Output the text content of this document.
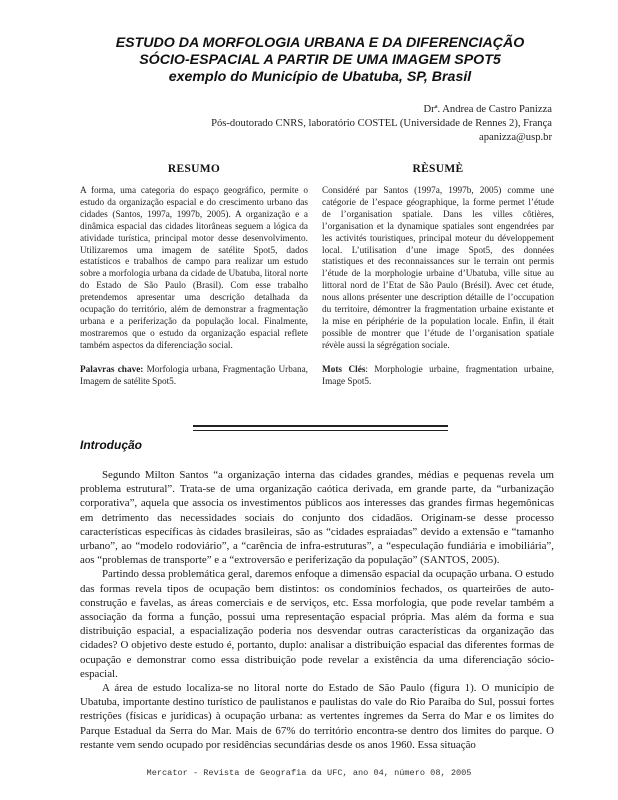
ESTUDO DA MORFOLOGIA URBANA E DA DIFERENCIAÇÃO
SÓCIO-ESPACIAL A PARTIR DE UMA IMAGEM SPOT5
exemplo do Município de Ubatuba, SP, Brasil
Drª. Andrea de Castro Panizza
Pós-doutorado CNRS, laboratório COSTEL (Universidade de Rennes 2), França
apanizza@usp.br
RESUMO	RÈSUMÈ

A forma, uma categoria do espaço geográfico, permite o estudo da organização espacial e do crescimento urbano das cidades (Santos, 1997a, 1997b, 2005). A organização e a dinâmica espacial das cidades litorâneas seguem a lógica da atividade turística, principal motor desse desenvolvimento. Utilizaremos uma imagem de satélite Spot5, dados estatísticos e trabalhos de campo para realizar um estudo sobre a morfologia urbana da cidade de Ubatuba, litoral norte do Estado de São Paulo (Brasil). Com esse trabalho pretendemos apresentar uma descrição detalhada da ocupação do território, além de demonstrar a fragmentação urbana e a periferização da população local. Finalmente, mostraremos que o estudo da organização espacial reflete também aspectos da diferenciação social.

Palavras chave: Morfologia urbana, Fragmentação Urbana, Imagem de satélite Spot5.

Considéré par Santos (1997a, 1997b, 2005) comme une catégorie de l’espace géographique, la forme permet l’étude de l’organisation spatiale. Dans les villes côtières, l’organisation et la dynamique spatiales sont engendrées par les activités touristiques, principal moteur du développement local. L’utilisation d’une image Spot5, des données statistiques et des reconnaissances sur le terrain ont permis l’étude de la morphologie urbaine d’Ubatuba, ville situe au littoral nord de l’Etat de São Paulo (Brésil). Avec cet étude, nous allons présenter une description détaille de l’occupation du territoire, démontrer la fragmentation urbaine existante et la mise en périphérie de la population locale. Enfin, il était possible de montrer que l’étude de l’organisation spatiale révèle aussi la ségrégation sociale.

Mots Clés: Morphologie urbaine, fragmentation urbaine, Image Spot5.

Introdução

Segundo Milton Santos “a organização interna das cidades grandes, médias e pequenas revela um problema estrutural”. Trata-se de uma organização caótica derivada, em grande parte, da “urbanização corporativa”, aquela que associa os investimentos públicos aos interesses das grandes firmas hegemônicas em detrimento das necessidades sociais do conjunto dos cidadãos. Originam-se desse processo características específicas às cidades brasileiras, são as “cidades espraiadas” devido a extensão e “tamanho urbano”, ao “modelo rodoviário”, a “carência de infra-estruturas”, a “especulação fundiária e imobiliária”, aos “problemas de transporte” e a “extroversão e periferização da população” (SANTOS, 2005).

Partindo dessa problemática geral, daremos enfoque a dimensão espacial da ocupação urbana. O estudo das formas revela tipos de ocupação bem distintos: os condomínios fechados, os quarteirões de auto-construção e favelas, as áreas comerciais e de serviços, etc. Essa morfologia, que pode revelar também a associação da forma a função, possui uma representação espacial própria. Mas além da forma e sua distribuição espacial, a espacialização poderia nos desvendar outras características da organização das cidades? O objetivo deste estudo é, portanto, duplo: analisar a distribuição espacial das diferentes formas de ocupação e demonstrar como essa distribuição pode revelar a existência da uma diferenciação sócio-espacial.

A área de estudo localiza-se no litoral norte do Estado de São Paulo (figura 1). O município de Ubatuba, importante destino turístico de paulistanos e paulistas do vale do Rio Paraíba do Sul, possui fortes restrições (físicas e jurídicas) à ocupação urbana: as vertentes íngremes da Serra do Mar e os limites do Parque Estadual da Serra do Mar. Mais de 67% do território encontra-se dentro dos limites do parque. O restante vem sendo ocupado por residências secundárias desde os anos 1960. Essa situação

Mercator - Revista de Geografia da UFC, ano 04, número 08, 2005
